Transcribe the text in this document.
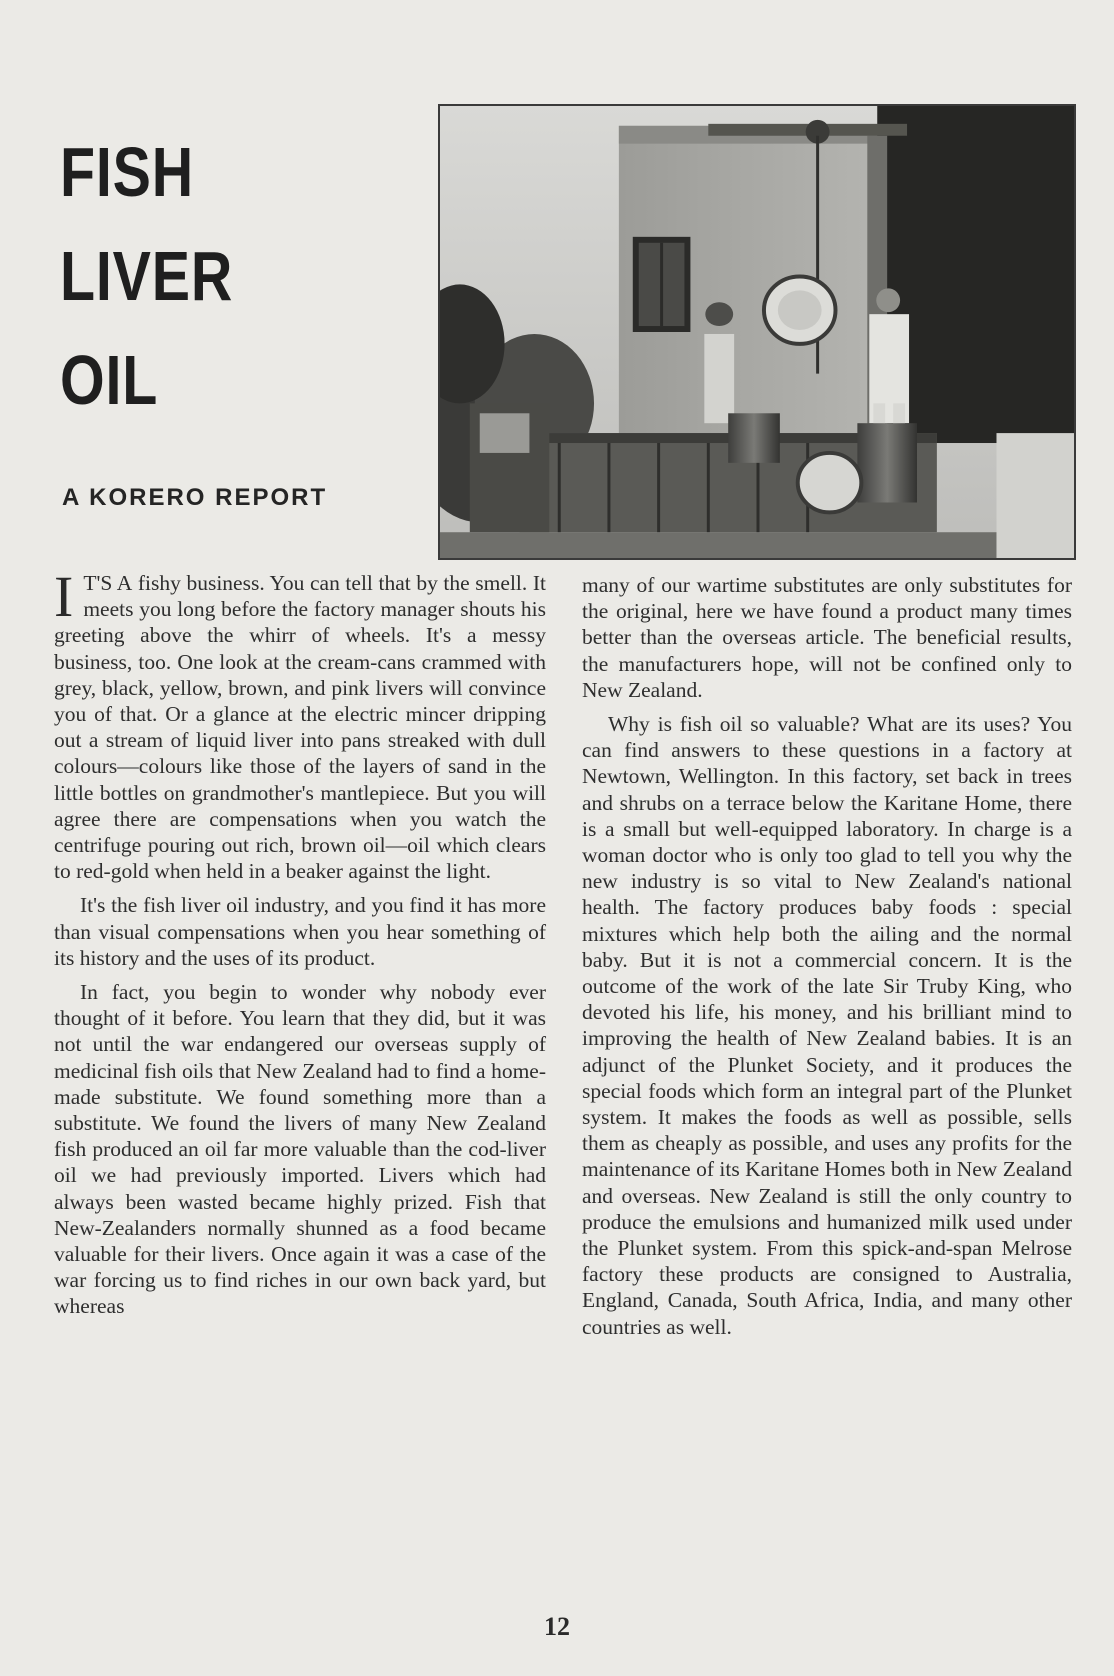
FISH
LIVER
OIL
A KORERO REPORT

I T'S A fishy business. You can tell that by the smell. It meets you long before the factory manager shouts his greeting above the whirr of wheels. It's a messy business, too. One look at the cream-cans crammed with grey, black, yellow, brown, and pink livers will convince you of that. Or a glance at the electric mincer dripping out a stream of liquid liver into pans streaked with dull colours—colours like those of the layers of sand in the little bottles on grandmother's mantlepiece. But you will agree there are compensations when you watch the centrifuge pouring out rich, brown oil—oil which clears to red-gold when held in a beaker against the light.

It's the fish liver oil industry, and you find it has more than visual compensations when you hear something of its history and the uses of its product.

In fact, you begin to wonder why nobody ever thought of it before. You learn that they did, but it was not until the war endangered our overseas supply of medicinal fish oils that New Zealand had to find a home-made substitute. We found something more than a substitute. We found the livers of many New Zealand fish produced an oil far more valuable than the cod-liver oil we had previously imported. Livers which had always been wasted became highly prized. Fish that New-Zealanders normally shunned as a food became valuable for their livers. Once again it was a case of the war forcing us to find riches in our own back yard, but whereas

many of our wartime substitutes are only substitutes for the original, here we have found a product many times better than the overseas article. The beneficial results, the manufacturers hope, will not be confined only to New Zealand.

Why is fish oil so valuable? What are its uses? You can find answers to these questions in a factory at Newtown, Wellington. In this factory, set back in trees and shrubs on a terrace below the Karitane Home, there is a small but well-equipped laboratory. In charge is a woman doctor who is only too glad to tell you why the new industry is so vital to New Zealand's national health. The factory produces baby foods : special mixtures which help both the ailing and the normal baby. But it is not a commercial concern. It is the outcome of the work of the late Sir Truby King, who devoted his life, his money, and his brilliant mind to improving the health of New Zealand babies. It is an adjunct of the Plunket Society, and it produces the special foods which form an integral part of the Plunket system. It makes the foods as well as possible, sells them as cheaply as possible, and uses any profits for the maintenance of its Karitane Homes both in New Zealand and overseas. New Zealand is still the only country to produce the emulsions and humanized milk used under the Plunket system. From this spick-and-span Melrose factory these products are consigned to Australia, England, Canada, South Africa, India, and many other countries as well.

12
